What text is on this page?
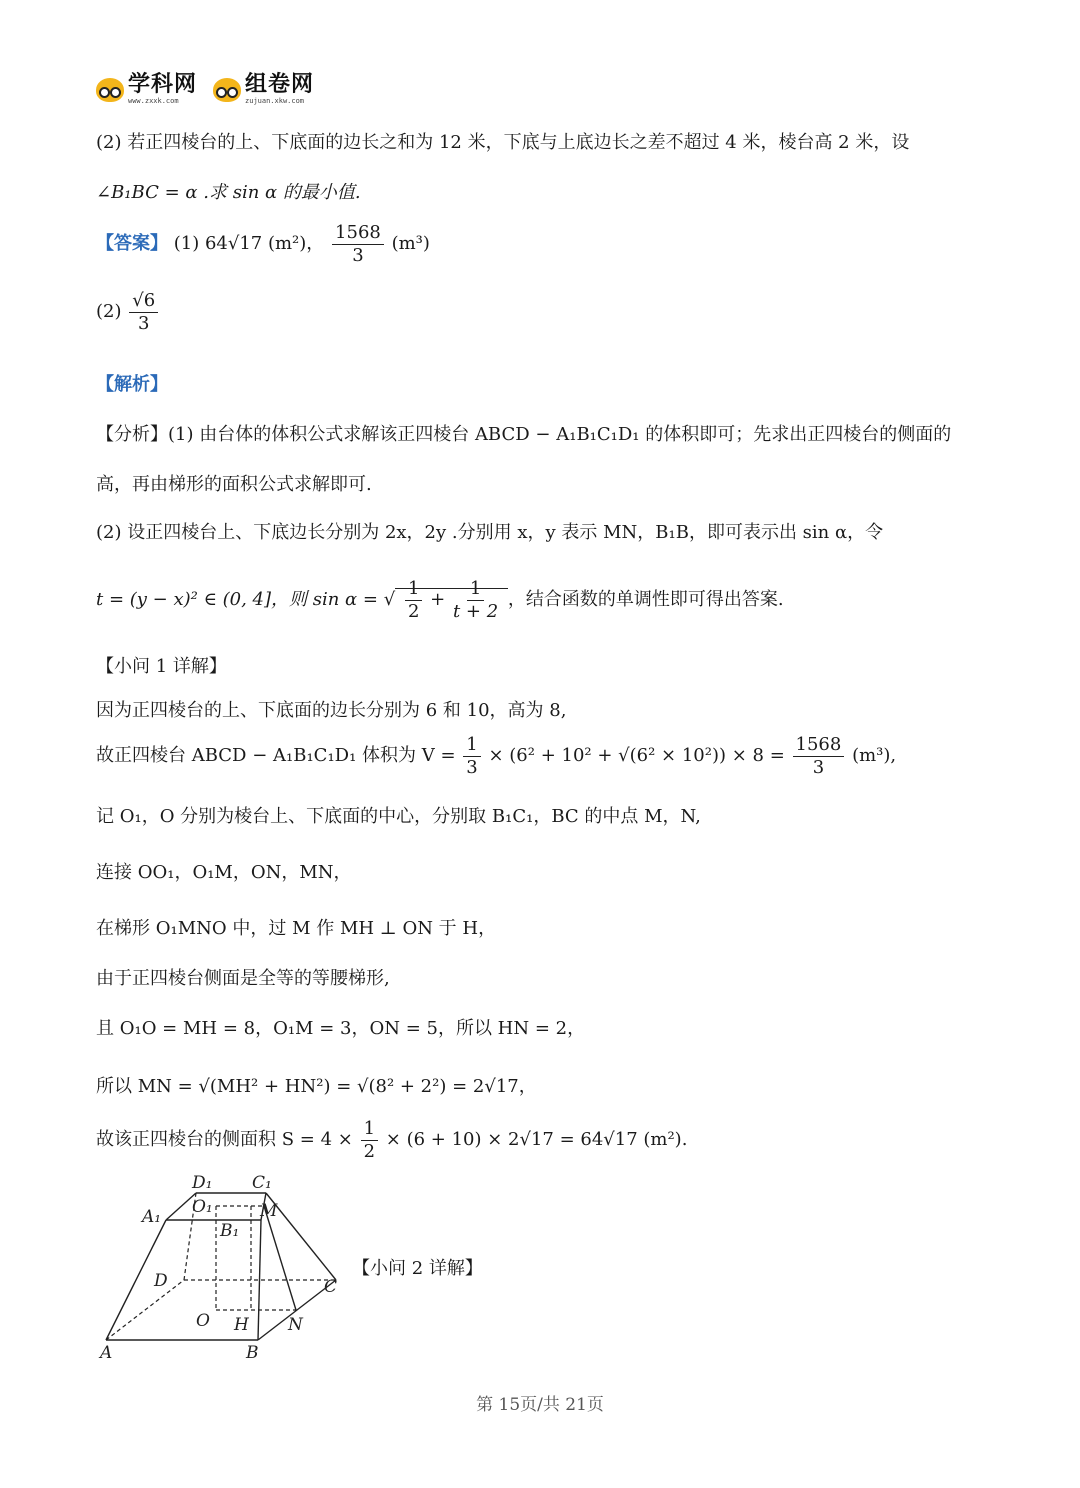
学科网
www.zxxk.com
组卷网
zujuan.xkw.com
(2) 若正四棱台的上、下底面的边长之和为 12 米，下底与上底边长之差不超过 4 米，棱台高 2 米，设
∠B₁BC = α .求 sin α 的最小值.
【答案】 (1) 64√17 (m²)， $\frac{1568}{3} (m^3)$
$(2) \frac{√6}{3}$
【解析】
【分析】(1) 由台体的体积公式求解该正四棱台 ABCD − A₁B₁C₁D₁ 的体积即可；先求出正四棱台的侧面的
高，再由梯形的面积公式求解即可.
(2) 设正四棱台上、下底边长分别为 2x，2y .分别用 x，y 表示 MN，B₁B，即可表示出 sin α，令
t = (y − x)² ∈ (0, 4]，则 sin α = √ $\frac{1}{2} + \frac{1}{t + 2}$ ，结合函数的单调性即可得出答案.
【小问 1 详解】
因为正四棱台的上、下底面的边长分别为 6 和 10，高为 8,
故正四棱台 ABCD − A₁B₁C₁D₁ 体积为 $V = \frac{1}{3} \times (6^2 + 10^2 + √(6^2 \times 10^2)) \times 8 = \frac{1568}{3} (m^3)$,
记 O₁，O 分别为棱台上、下底面的中心，分别取 B₁C₁，BC 的中点 M，N,
连接 OO₁，O₁M，ON，MN，
在梯形 O₁MNO 中，过 M 作 MH ⊥ ON 于 H，
由于正四棱台侧面是全等的等腰梯形,
且 O₁O = MH = 8，O₁M = 3，ON = 5，所以 HN = 2，
所以 MN = √(MH² + HN²) = √(8² + 2²) = 2√17，
故该正四棱台的侧面积 $S = 4 \times \frac{1}{2} \times (6 + 10) \times 2√17 = 64√17$ (m²).
D₁ C₁
A₁ O₁
B₁
M
D	C
O H N
A	B
【小问 2 详解】
第 15页/共 21页
